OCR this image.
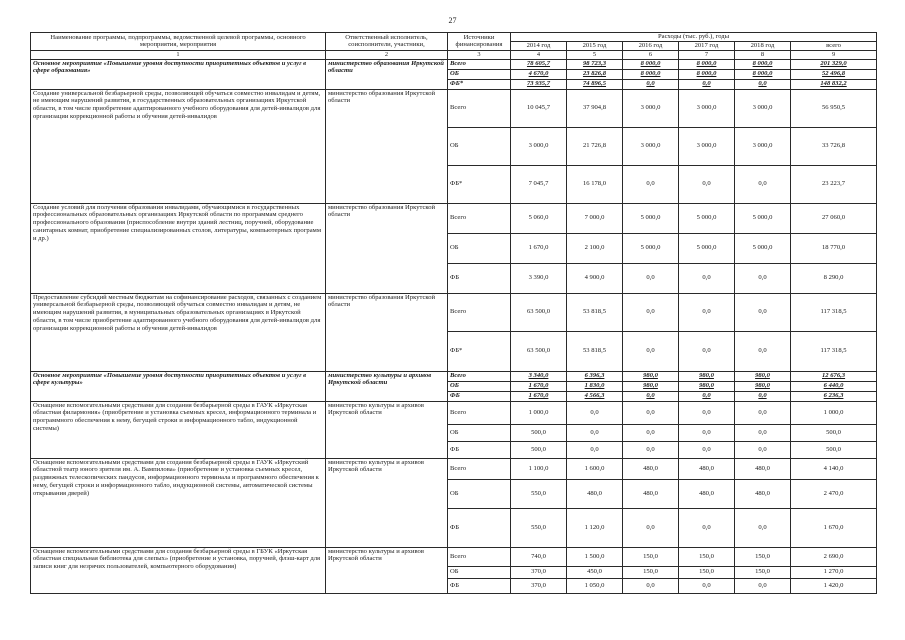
27
Наименование программы, подпрограммы, ведомственной целевой программы, основного мероприятия, мероприятия	Ответственный исполнитель, соисполнители, участники,	Источники финансирования	Расходы (тыс. руб.), годы					
			2014 год	2015 год	2016 год	2017 год	2018 год	всего
1	2	3	4	5	6	7	8	9
Основное мероприятие «Повышение уровня доступности приоритетных объектов и услуг в сфере образования»	министерство образования Иркутской области	Всего	78 605,7	98 723,3	8 000,0	8 000,0	8 000,0	201 329,0
		ОБ	4 670,0	23 826,8	8 000,0	8 000,0	8 000,0	52 496,8
		ФБ*	73 935,7	74 896,5	0,0	0,0	0,0	148 832,2
Создание универсальной безбарьерной среды, позволяющей обучаться совместно инвалидам и детям, не имеющим нарушений развития, в государственных образовательных организациях Иркутской области, в том числе приобретение адаптированного учебного оборудования для детей-инвалидов для организации коррекционной работы и обучения детей-инвалидов	министерство образования Иркутской области	Всего	10 045,7	37 904,8	3 000,0	3 000,0	3 000,0	56 950,5
		ОБ	3 000,0	21 726,8	3 000,0	3 000,0	3 000,0	33 726,8
		ФБ*	7 045,7	16 178,0	0,0	0,0	0,0	23 223,7
Создание условий для получения образования инвалидами, обучающимися в государственных профессиональных образовательных организациях Иркутской области по программам среднего профессионального образования (приспособление внутри зданий лестниц, поручней, оборудование санитарных комнат, приобретение специализированных столов, литературы, компьютерных программ и др.)	министерство образования Иркутской области	Всего	5 060,0	7 000,0	5 000,0	5 000,0	5 000,0	27 060,0
		ОБ	1 670,0	2 100,0	5 000,0	5 000,0	5 000,0	18 770,0
		ФБ	3 390,0	4 900,0	0,0	0,0	0,0	8 290,0
Предоставление субсидий местным бюджетам на софинансирование расходов, связанных с созданием универсальной безбарьерной среды, позволяющей обучаться совместно инвалидам и детям, не имеющим нарушений развития, в муниципальных образовательных организациях в Иркутской области, в том числе приобретение адаптированного учебного оборудования для детей-инвалидов для организации коррекционной работы и обучения детей-инвалидов	министерство образования Иркутской области	Всего	63 500,0	53 818,5	0,0	0,0	0,0	117 318,5
		ФБ*	63 500,0	53 818,5	0,0	0,0	0,0	117 318,5
Основное мероприятие «Повышение уровня доступности приоритетных объектов и услуг в сфере культуры»	министерство культуры и архивов Иркутской области	Всего	3 340,0	6 396,3	980,0	980,0	980,0	12 676,3
		ОБ	1 670,0	1 830,0	980,0	980,0	980,0	6 440,0
		ФБ	1 670,0	4 566,3	0,0	0,0	0,0	6 236,3
Оснащение вспомогательными средствами для создания безбарьерной среды в ГАУК «Иркутская областная филармония» (приобретение и установка съемных кресел, информационного терминала и программного обеспечения к нему, бегущей строки и информационного табло, индукционной системы)	министерство культуры и архивов Иркутской области	Всего	1 000,0	0,0	0,0	0,0	0,0	1 000,0
		ОБ	500,0	0,0	0,0	0,0	0,0	500,0
		ФБ	500,0	0,0	0,0	0,0	0,0	500,0
Оснащение вспомогательными средствами для создания безбарьерной среды в ГАУК «Иркутский областной театр юного зрителя им. А. Вампилова» (приобретение и установка съемных кресел, раздвижных телескопических пандусов, информационного терминала и программного обеспечения к нему, бегущей строки и информационного табло, индукционной системы, автоматической системы открывания дверей)	министерство культуры и архивов Иркутской области	Всего	1 100,0	1 600,0	480,0	480,0	480,0	4 140,0
		ОБ	550,0	480,0	480,0	480,0	480,0	2 470,0
		ФБ	550,0	1 120,0	0,0	0,0	0,0	1 670,0
Оснащение вспомогательными средствами для создания безбарьерной среды в ГБУК «Иркутская областная специальная библиотека для слепых» (приобретение и установка, поручней, флэш-карт для записи книг для незрячих пользователей, компьютерного оборудования)	министерство культуры и архивов Иркутской области	Всего	740,0	1 500,0	150,0	150,0	150,0	2 690,0
		ОБ	370,0	450,0	150,0	150,0	150,0	1 270,0
		ФБ	370,0	1 050,0	0,0	0,0	0,0	1 420,0
